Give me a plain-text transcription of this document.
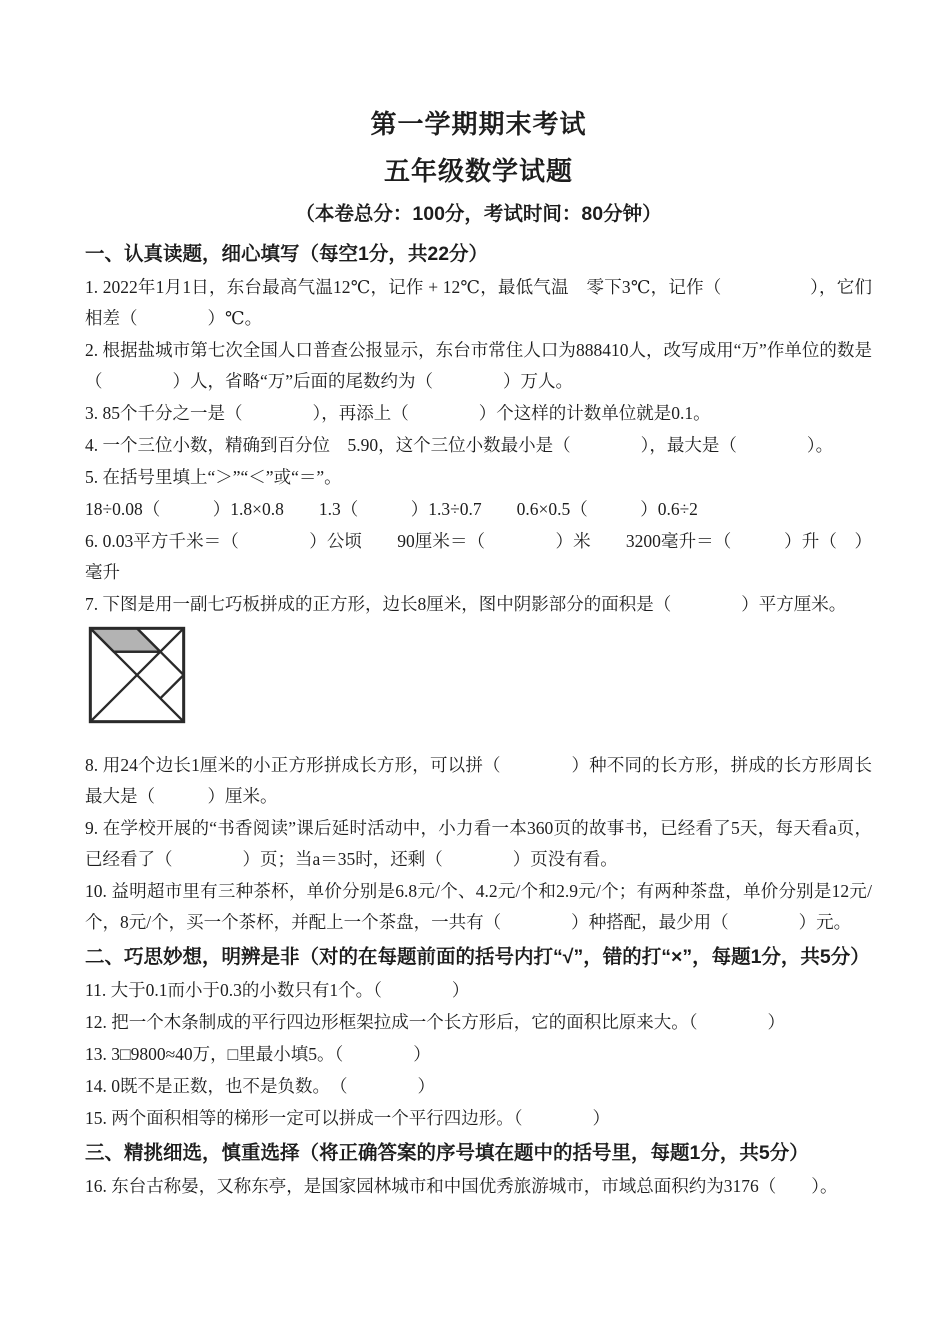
第一学期期末考试
五年级数学试题
（本卷总分：100分，考试时间：80分钟）
一、认真读题，细心填写（每空1分，共22分）

1. 2022年1月1日，东台最高气温12℃，记作 + 12℃，最低气温　零下3℃，记作（　　　　　），它们相差（　　　　）℃。

2. 根据盐城市第七次全国人口普查公报显示，东台市常住人口为888410人，改写成用“万”作单位的数是（　　　　）人，省略“万”后面的尾数约为（　　　　）万人。

3. 85个千分之一是（　　　　），再添上（　　　　）个这样的计数单位就是0.1。

4. 一个三位小数，精确到百分位　5.90，这个三位小数最小是（　　　　），最大是（　　　　）。

5. 在括号里填上“＞”“＜”或“＝”。

18÷0.08（　　　）1.8×0.8　　1.3（　　　）1.3÷0.7　　0.6×0.5（　　　）0.6÷2

6. 0.03平方千米＝（　　　　）公顷　　90厘米＝（　　　　）米　　3200毫升＝（　　　）升（　）毫升

7. 下图是用一副七巧板拼成的正方形，边长8厘米，图中阴影部分的面积是（　　　　）平方厘米。

8. 用24个边长1厘米的小正方形拼成长方形，可以拼（　　　　）种不同的长方形，拼成的长方形周长最大是（　　　）厘米。

9. 在学校开展的“书香阅读”课后延时活动中，小力看一本360页的故事书，已经看了5天，每天看a页，已经看了（　　　　）页；当a＝35时，还剩（　　　　）页没有看。

10. 益明超市里有三种茶杯，单价分别是6.8元/个、4.2元/个和2.9元/个；有两种茶盘，单价分别是12元/个，8元/个，买一个茶杯，并配上一个茶盘，一共有（　　　　）种搭配，最少用（　　　　）元。

二、巧思妙想，明辨是非（对的在每题前面的括号内打“√”，错的打“×”，每题1分，共5分）

11. 大于0.1而小于0.3的小数只有1个。（　　　　）

12. 把一个木条制成的平行四边形框架拉成一个长方形后，它的面积比原来大。（　　　　）

13. 3□9800≈40万，□里最小填5。（　　　　）

14. 0既不是正数，也不是负数。　（　　　　）

15. 两个面积相等的梯形一定可以拼成一个平行四边形。（　　　　）

三、精挑细选，慎重选择（将正确答案的序号填在题中的括号里，每题1分，共5分）

16. 东台古称晏，又称东亭，是国家园林城市和中国优秀旅游城市，市域总面积约为3176（　　）。
